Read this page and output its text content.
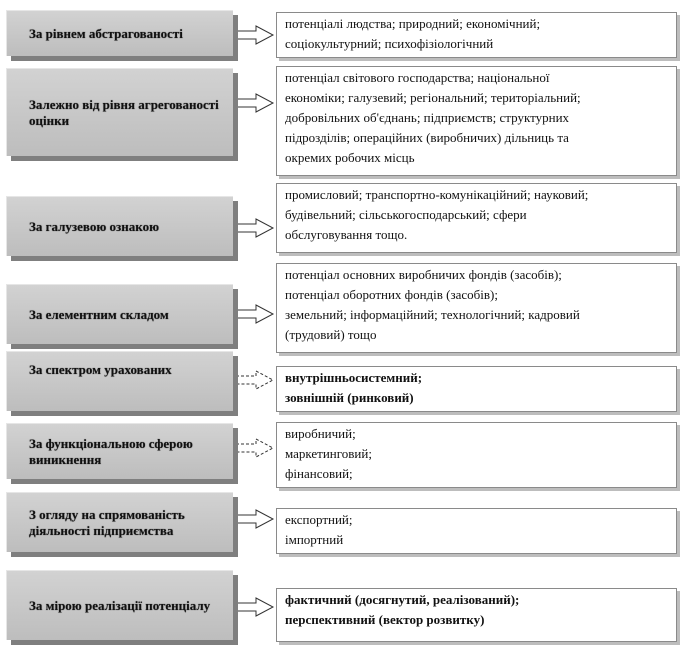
За рівнем абстрагованості
потенціалі людства; природний; економічний;
соціокультурний; психофізіологічний
Залежно від рівня агрегованості оцінки
потенціал світового господарства; національної
економіки; галузевий; регіональний; територіальний;
добровільних об'єднань; підприємств; структурних
підрозділів; операційних (виробничих) дільниць та
окремих робочих місць
За галузевою ознакою
промисловий; транспортно-комунікаційний; науковий;
будівельний; сільськогосподарський; сфери
обслуговування тощо.
За елементним складом
потенціал основних виробничих фондів (засобів);
потенціал оборотних фондів (засобів);
земельний; інформаційний; технологічний; кадровий
(трудовий) тощо
За спектром урахованих
внутрішньосистемний;
зовнішній (ринковий)
За функціональною сферою виникнення
виробничий;
маркетинговий;
фінансовий;
З огляду на спрямованість діяльності підприємства
експортний;
імпортний
За мірою реалізації потенціалу	фактичний (досягнутий, реалізований);
перспективний (вектор розвитку)
